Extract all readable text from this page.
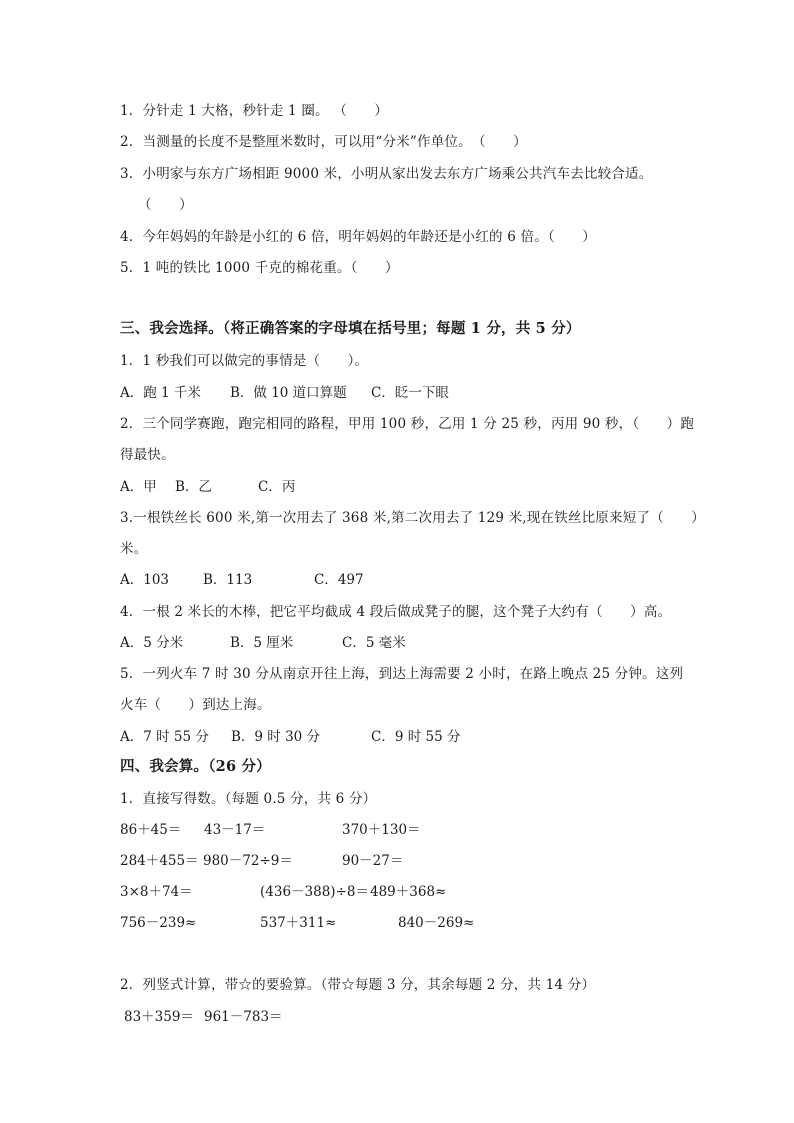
1．分针走 1 大格，秒针走 1 圈。 （　　）
2．当测量的长度不是整厘米数时，可以用“分米”作单位。　（　　）
3．小明家与东方广场相距 9000 米，小明从家出发去东方广场乘公共汽车去比较合适。
（　　）
4．今年妈妈的年龄是小红的 6 倍，明年妈妈的年龄还是小红的 6 倍。（　　）
5．1 吨的铁比 1000 千克的棉花重。（　　）
三、我会选择。（将正确答案的字母填在括号里；每题 1 分，共 5 分）
1．1 秒我们可以做完的事情是（　　）。
A．跑 1 千米 B．做 10 道口算题 C．眨一下眼
2．三个同学赛跑，跑完相同的路程，甲用 100 秒，乙用 1 分 25 秒，丙用 90 秒，（　　）跑
得最快。
A．甲 B．乙	C．丙
3.一根铁丝长 600 米,第一次用去了 368 米,第二次用去了 129 米,现在铁丝比原来短了（　　）
米。
A．103	B．113	C．497
4．一根 2 米长的木棒，把它平均截成 4 段后做成凳子的腿，这个凳子大约有（　　）高。
A．5 分米	B．5 厘米	C．5 毫米
5．一列火车 7 时 30 分从南京开往上海，到达上海需要 2 小时，在路上晚点 25 分钟。这列
火车（　　）到达上海。
A．7 时 55 分 B．9 时 30 分	C．9 时 55 分
四、我会算。（26 分）
1．直接写得数。（每题 0.5 分，共 6 分）
86＋45＝ 43－17＝	370＋130＝
284＋455＝ 980－72÷9＝	90－27＝
3×8＋74＝	(436－388)÷8＝ 489＋368≈
756－239≈	537＋311≈	840－269≈
2．列竖式计算，带☆的要验算。（带☆每题 3 分，其余每题 2 分，共 14 分）
83＋359＝ 961－783＝
